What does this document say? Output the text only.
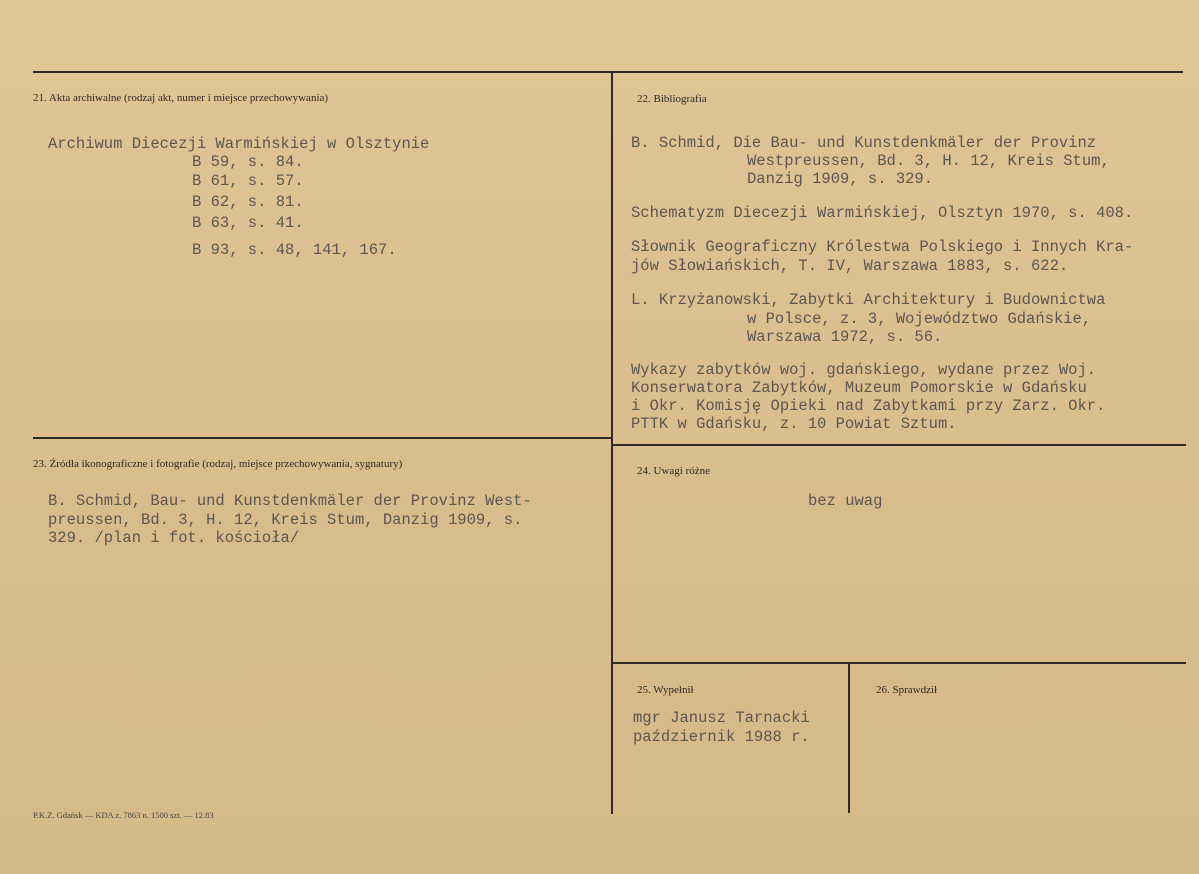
21. Akta archiwalne (rodzaj akt, numer i miejsce przechowywania)
Archiwum Diecezji Warmińskiej w Olsztynie
B 59, s. 84.
B 61, s. 57.
B 62, s. 81.
B 63, s. 41.
B 93, s. 48, 141, 167.
22. Bibliografia
B. Schmid, Die Bau- und Kunstdenkmäler der Provinz
Westpreussen, Bd. 3, H. 12, Kreis Stum,
Danzig 1909, s. 329.
Schematyzm Diecezji Warmińskiej, Olsztyn 1970, s. 408.
Słownik Geograficzny Królestwa Polskiego i Innych Kra-
jów Słowiańskich, T. IV, Warszawa 1883, s. 622.
L. Krzyżanowski, Zabytki Architektury i Budownictwa
w Polsce, z. 3, Województwo Gdańskie,
Warszawa 1972, s. 56.
Wykazy zabytków woj. gdańskiego, wydane przez Woj.
Konserwatora Zabytków, Muzeum Pomorskie w Gdańsku
i Okr. Komisję Opieki nad Zabytkami przy Zarz. Okr.
PTTK w Gdańsku, z. 10 Powiat Sztum.
23. Źródła ikonograficzne i fotografie (rodzaj, miejsce przechowywania, sygnatury)
B. Schmid, Bau- und Kunstdenkmäler der Provinz West-
preussen, Bd. 3, H. 12, Kreis Stum, Danzig 1909, s.
329. /plan i fot. kościoła/
24. Uwagi różne
bez uwag
25. Wypełnił
mgr Janusz Tarnacki
październik 1988 r.
26. Sprawdził
P.K.Z. Gdańsk — KDA z. 7863 n. 1500 szt. — 12.83
